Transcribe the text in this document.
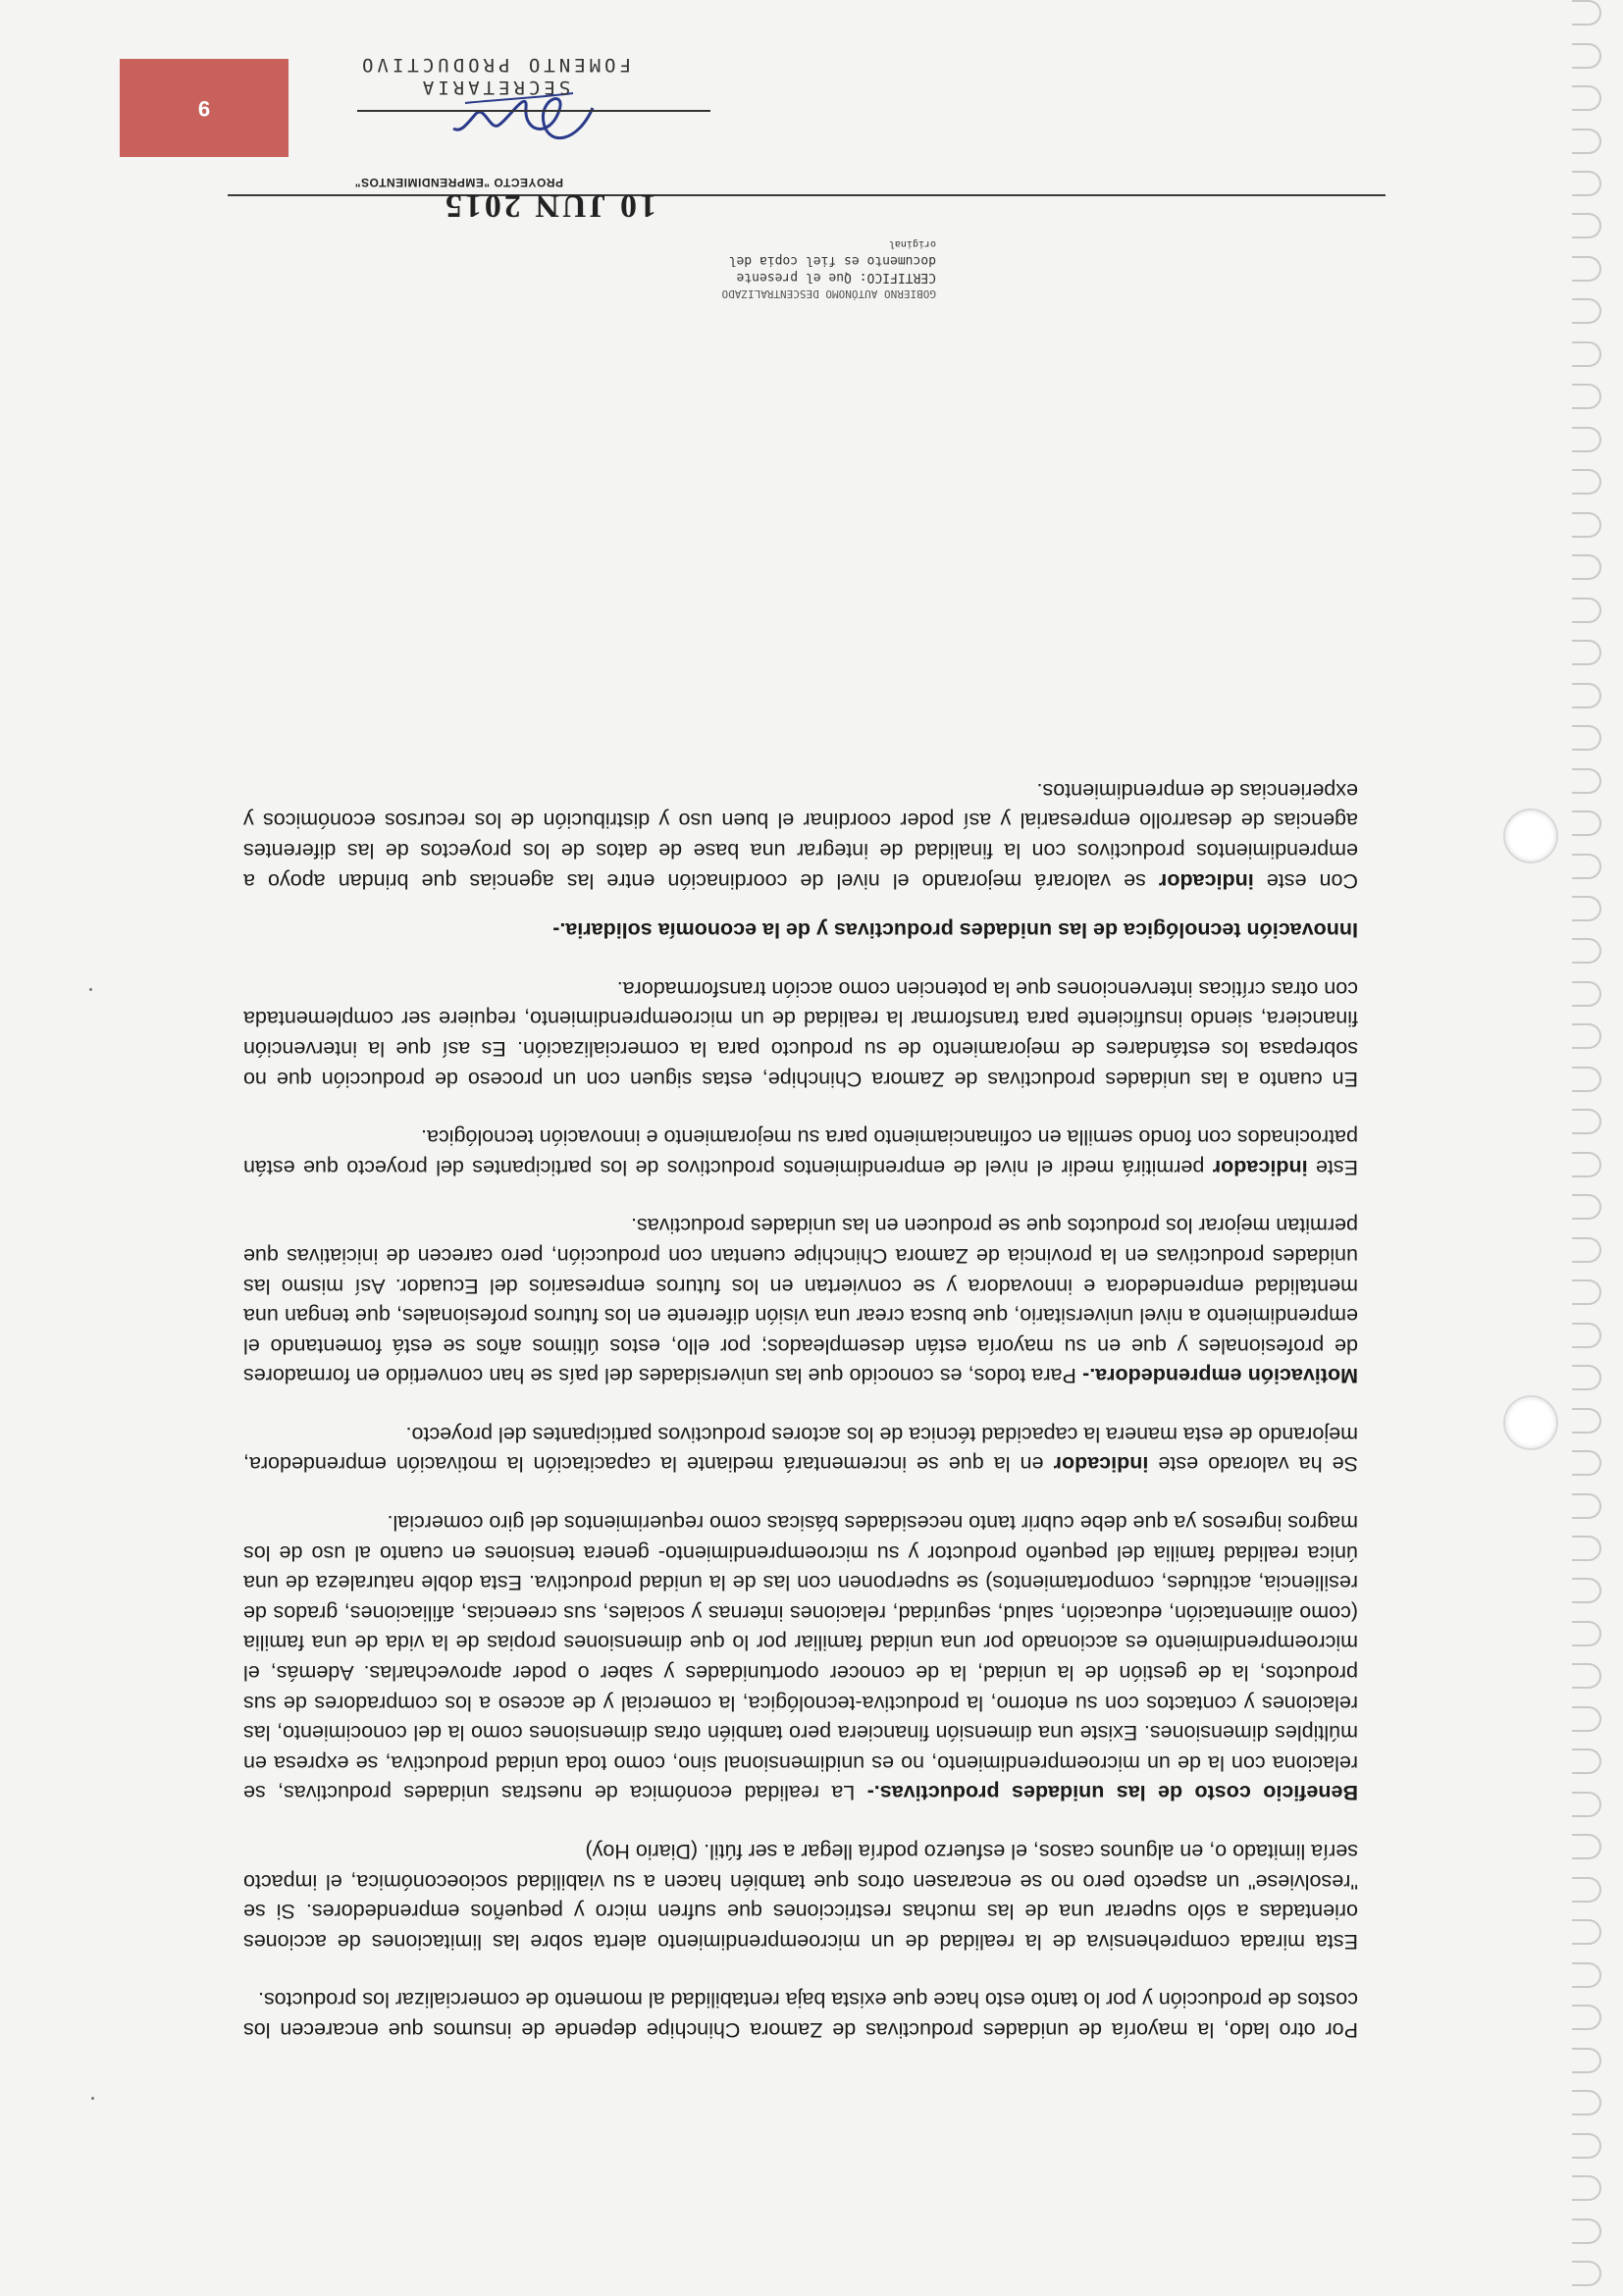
Por otro lado, la mayoría de unidades productivas de Zamora Chinchipe depende de insumos que encarecen los costos de producción y por lo tanto esto hace que exista baja rentabilidad al momento de comercializar los productos.

Esta mirada comprehensiva de la realidad de un microemprendimiento alerta sobre las limitaciones de acciones orientadas a sólo superar una de las muchas restricciones que sufren micro y pequeños emprendedores. Si se "resolviese" un aspecto pero no se encarasen otros que también hacen a su viabilidad socioeconómica, el impacto sería limitado o, en algunos casos, el esfuerzo podría llegar a ser fútil. (Diario Hoy)

Beneficio costo de las unidades productivas.- La realidad económica de nuestras unidades productivas, se relaciona con la de un microemprendimiento, no es unidimensional sino, como toda unidad productiva, se expresa en múltiples dimensiones. Existe una dimensión financiera pero también otras dimensiones como la del conocimiento, las relaciones y contactos con su entorno, la productiva-tecnológica, la comercial y de acceso a los compradores de sus productos, la de gestión de la unidad, la de conocer oportunidades y saber o poder aprovecharlas. Además, el microemprendimiento es accionado por una unidad familiar por lo que dimensiones propias de la vida de una familia (como alimentación, educación, salud, seguridad, relaciones internas y sociales, sus creencias, afiliaciones, grados de resiliencia, actitudes, comportamientos) se superponen con las de la unidad productiva. Esta doble naturaleza de una única realidad familia del pequeño productor y su microemprendimiento- genera tensiones en cuanto al uso de los magros ingresos ya que debe cubrir tanto necesidades básicas como requerimientos del giro comercial.

Se ha valorado este indicador en la que se incrementará mediante la capacitación la motivación emprendedora, mejorando de esta manera la capacidad técnica de los actores productivos participantes del proyecto.

Motivación emprendedora.- Para todos, es conocido que las universidades del país se han convertido en formadores de profesionales y que en su mayoría están desempleados; por ello, estos últimos años se está fomentando el emprendimiento a nivel universitario, que busca crear una visión diferente en los futuros profesionales, que tengan una mentalidad emprendedora e innovadora y se conviertan en los futuros empresarios del Ecuador. Así mismo las unidades productivas en la provincia de Zamora Chinchipe cuentan con producción, pero carecen de iniciativas que permitan mejorar los productos que se producen en las unidades productivas.

Este indicador permitirá medir el nivel de emprendimientos productivos de los participantes del proyecto que están patrocinados con fondo semilla en cofinanciamiento para su mejoramiento e innovación tecnológica.

En cuanto a las unidades productivas de Zamora Chinchipe, estas siguen con un proceso de producción que no sobrepasa los estándares de mejoramiento de su producto para la comercialización. Es así que la intervención financiera, siendo insuficiente para transformar la realidad de un microemprendimiento, requiere ser complementada con otras críticas intervenciones que la potencien como acción transformadora.

Innovación tecnológica de las unidades productivas y de la economía solidaria.-

Con este indicador se valorará mejorando el nivel de coordinación entre las agencias que brindan apoyo a emprendimientos productivos con la finalidad de integrar una base de datos de los proyectos de las diferentes agencias de desarrollo empresarial y así poder coordinar el buen uso y distribución de los recursos económicos y experiencias de emprendimientos.

PROYECTO "EMPRENDIMIENTOS"
9
10 JUN 2015
GOBIERNO AUTÓNOMO DESCENTRALIZADO
CERTIFICO: Que el presente
documento es fiel copia del
original
SECRETARIA
FOMENTO PRODUCTIVO
